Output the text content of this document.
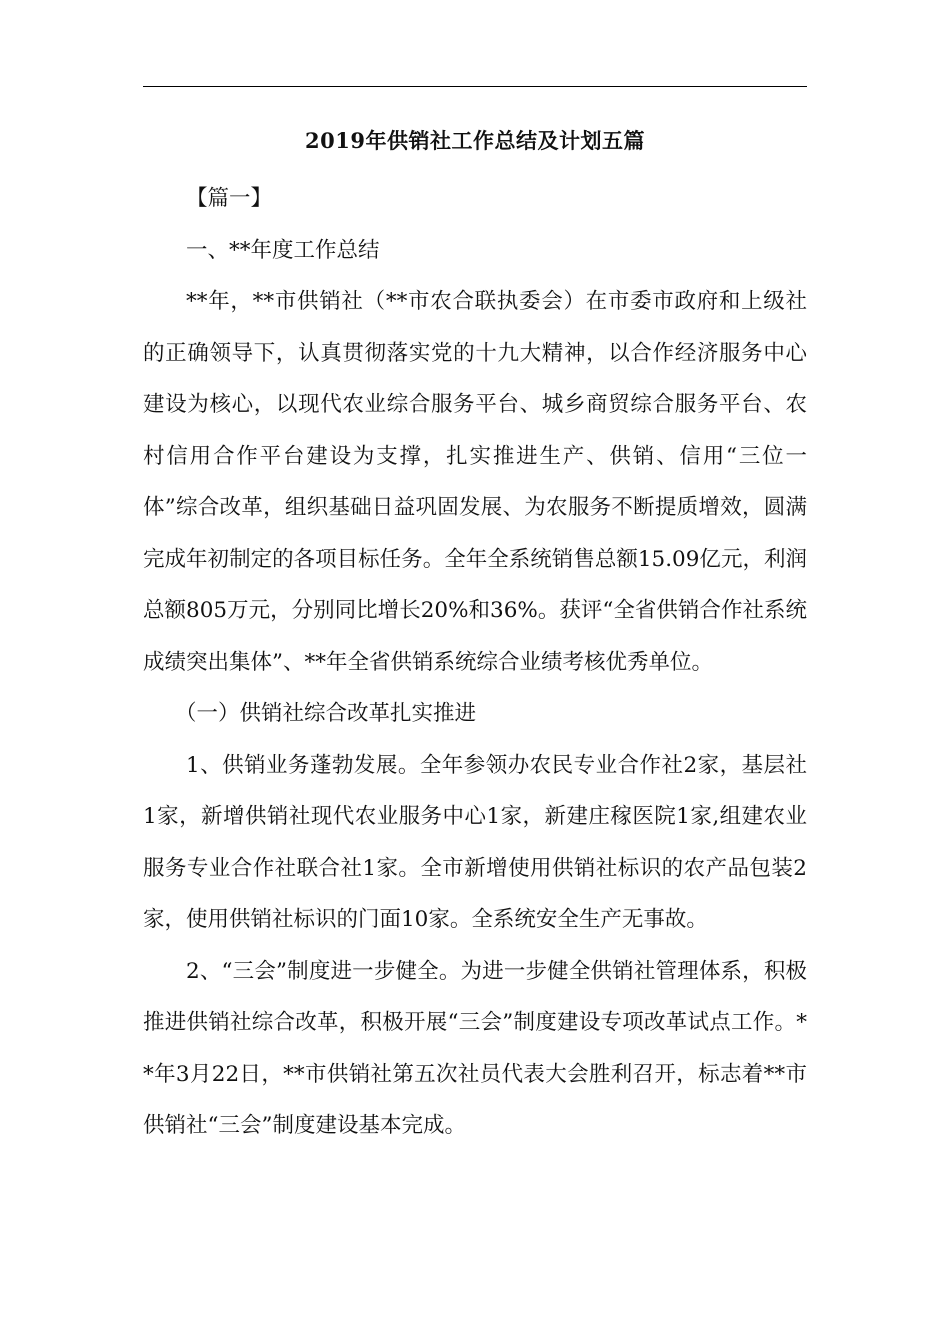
2019年供销社工作总结及计划五篇

【篇一】

一、**年度工作总结

**年，**市供销社（**市农合联执委会）在市委市政府和上级社的正确领导下，认真贯彻落实党的十九大精神，以合作经济服务中心建设为核心，以现代农业综合服务平台、城乡商贸综合服务平台、农村信用合作平台建设为支撑，扎实推进生产、供销、信用“三位一体”综合改革，组织基础日益巩固发展、为农服务不断提质增效，圆满完成年初制定的各项目标任务。全年全系统销售总额15.09亿元，利润总额805万元，分别同比增长20%和36%。获评“全省供销合作社系统成绩突出集体”、**年全省供销系统综合业绩考核优秀单位。

（一）供销社综合改革扎实推进

1、供销业务蓬勃发展。全年参领办农民专业合作社2家，基层社1家，新增供销社现代农业服务中心1家，新建庄稼医院1家,组建农业服务专业合作社联合社1家。全市新增使用供销社标识的农产品包装2家，使用供销社标识的门面10家。全系统安全生产无事故。

2、“三会”制度进一步健全。为进一步健全供销社管理体系，积极推进供销社综合改革，积极开展“三会”制度建设专项改革试点工作。**年3月22日，**市供销社第五次社员代表大会胜利召开，标志着**市供销社“三会”制度建设基本完成。
